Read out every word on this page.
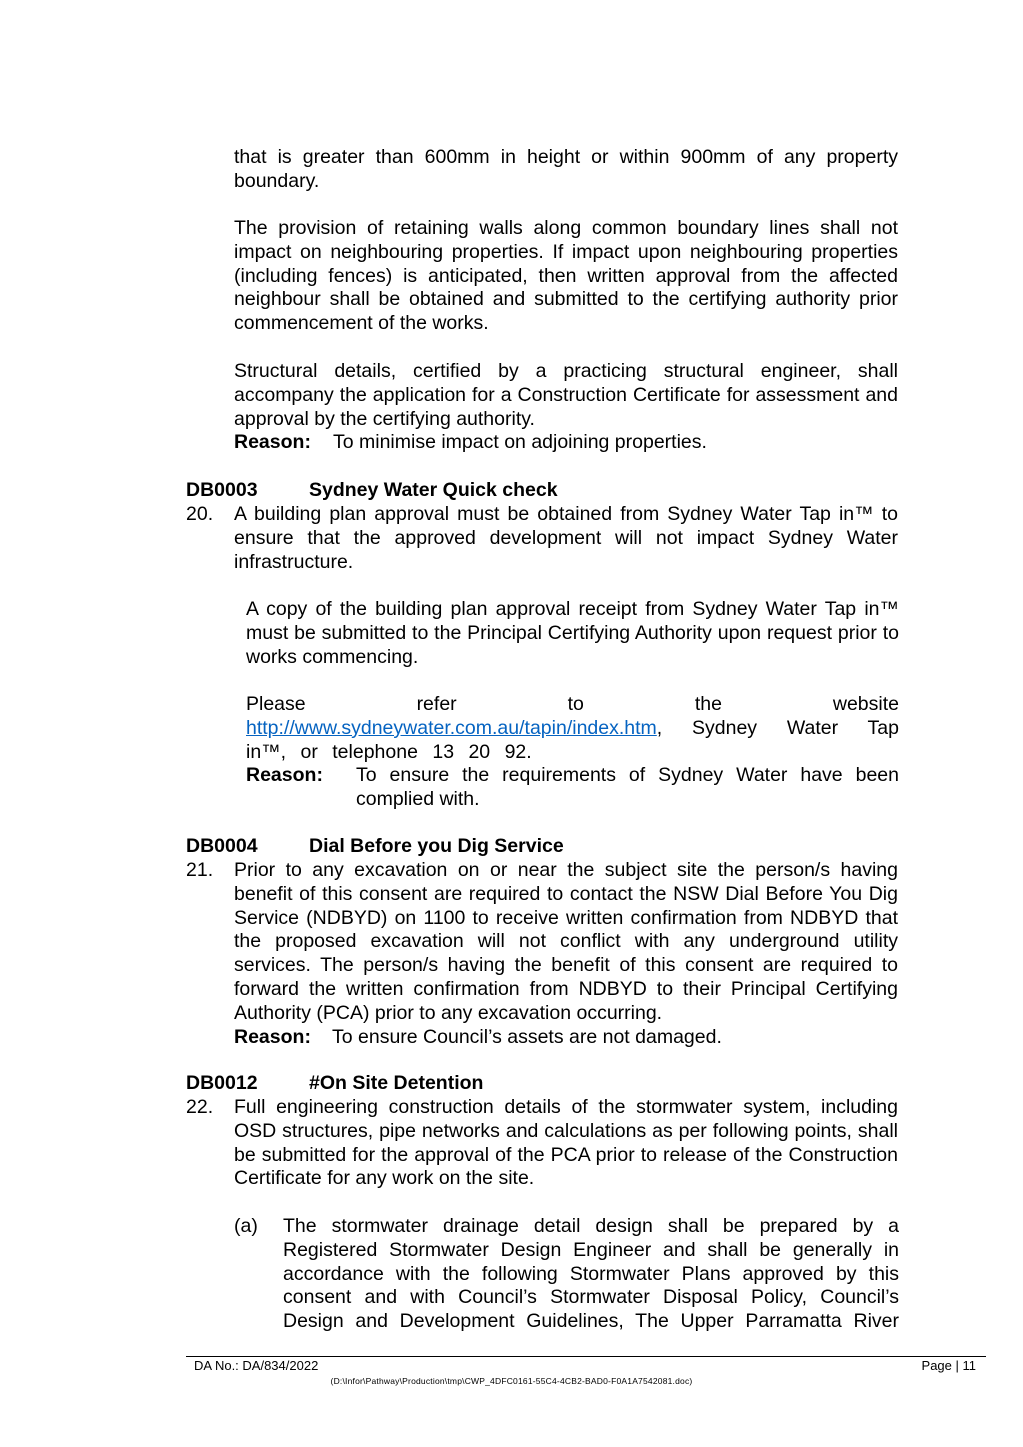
that is greater than 600mm in height or within 900mm of any property boundary.

The provision of retaining walls along common boundary lines shall not impact on neighbouring properties. If impact upon neighbouring properties (including fences) is anticipated, then written approval from the affected neighbour shall be obtained and submitted to the certifying authority prior commencement of the works.

Structural details, certified by a practicing structural engineer, shall accompany the application for a Construction Certificate for assessment and approval by the certifying authority.

Reason:	To minimise impact on adjoining properties.
DB0003	Sydney Water Quick check
20. A building plan approval must be obtained from Sydney Water Tap in™ to ensure that the approved development will not impact Sydney Water infrastructure.

A copy of the building plan approval receipt from Sydney Water Tap in™ must be submitted to the Principal Certifying Authority upon request prior to works commencing.

Please	refer	to	the	website

http://www.sydneywater.com.au/tapin/index.htm, Sydney Water Tap in™, or telephone 13 20 92.

Reason:	To ensure the requirements of Sydney Water have been complied with.
DB0004	Dial Before you Dig Service
21. Prior to any excavation on or near the subject site the person/s having benefit of this consent are required to contact the NSW Dial Before You Dig Service (NDBYD) on 1100 to receive written confirmation from NDBYD that the proposed excavation will not conflict with any underground utility services. The person/s having the benefit of this consent are required to forward the written confirmation from NDBYD to their Principal Certifying Authority (PCA) prior to any excavation occurring.

Reason:	To ensure Council’s assets are not damaged.
DB0012	#On Site Detention
22. Full engineering construction details of the stormwater system, including OSD structures, pipe networks and calculations as per following points, shall be submitted for the approval of the PCA prior to release of the Construction Certificate for any work on the site.

(a)	The stormwater drainage detail design shall be prepared by a Registered Stormwater Design Engineer and shall be generally in accordance with the following Stormwater Plans approved by this consent and with Council’s Stormwater Disposal Policy, Council’s Design and Development Guidelines, The Upper Parramatta River
DA No.: DA/834/2022	Page | 11
(D:\Infor\Pathway\Production\tmp\CWP_4DFC0161-55C4-4CB2-BAD0-F0A1A7542081.doc)
